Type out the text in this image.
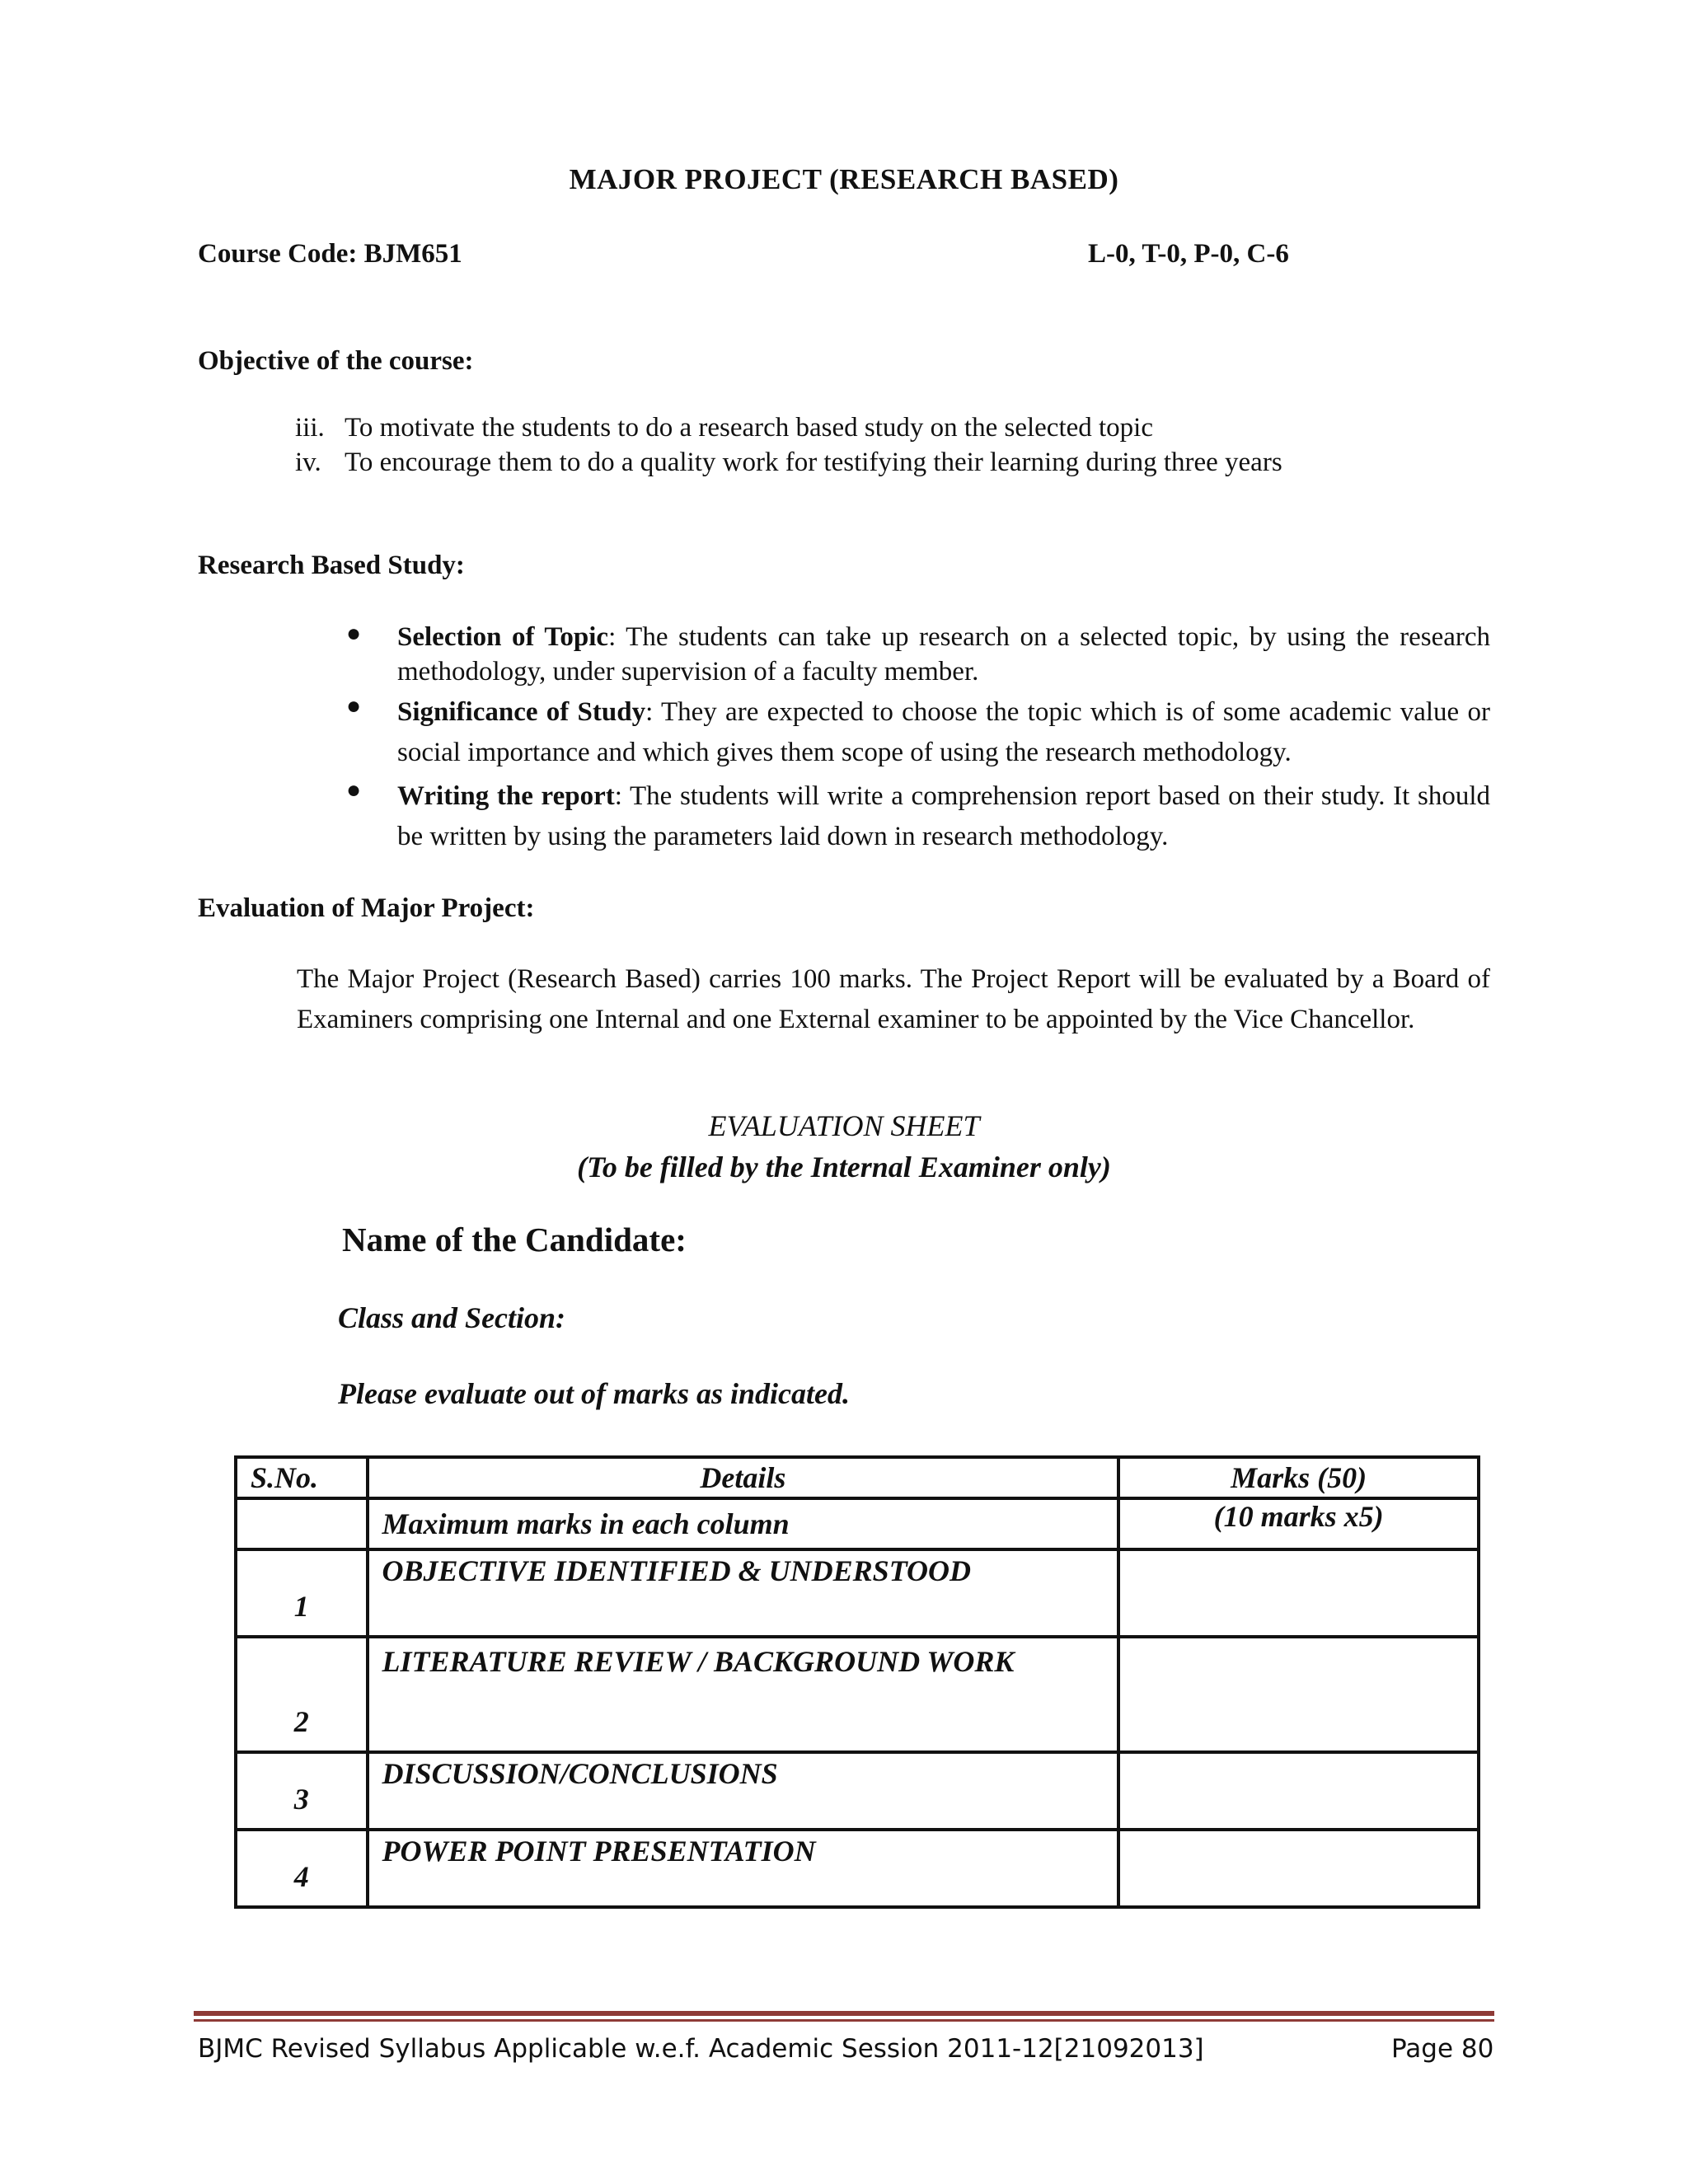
MAJOR PROJECT (RESEARCH BASED)
Course Code: BJM651	L-0, T-0, P-0, C-6
Objective of the course:
iii. To motivate the students to do a research based study on the selected topic
iv. To encourage them to do a quality work for testifying their learning during three years
Research Based Study:
● Selection of Topic: The students can take up research on a selected topic, by using the research methodology, under supervision of a faculty member.
● Significance of Study: They are expected to choose the topic which is of some academic value or social importance and which gives them scope of using the research methodology.
● Writing the report: The students will write a comprehension report based on their study. It should be written by using the parameters laid down in research methodology.
Evaluation of Major Project:
The Major Project (Research Based) carries 100 marks. The Project Report will be evaluated by a Board of Examiners comprising one Internal and one External examiner to be appointed by the Vice Chancellor.
EVALUATION SHEET
(To be filled by the Internal Examiner only)
Name of the Candidate:
Class and Section:
Please evaluate out of marks as indicated.
S.No.	Details	Marks (50)
	Maximum marks in each column	(10 marks x5)
1	OBJECTIVE IDENTIFIED & UNDERSTOOD	
2	LITERATURE REVIEW / BACKGROUND WORK	
3	DISCUSSION/CONCLUSIONS	
4	POWER POINT PRESENTATION	
BJMC Revised Syllabus Applicable w.e.f. Academic Session 2011-12[21092013]	Page 80
